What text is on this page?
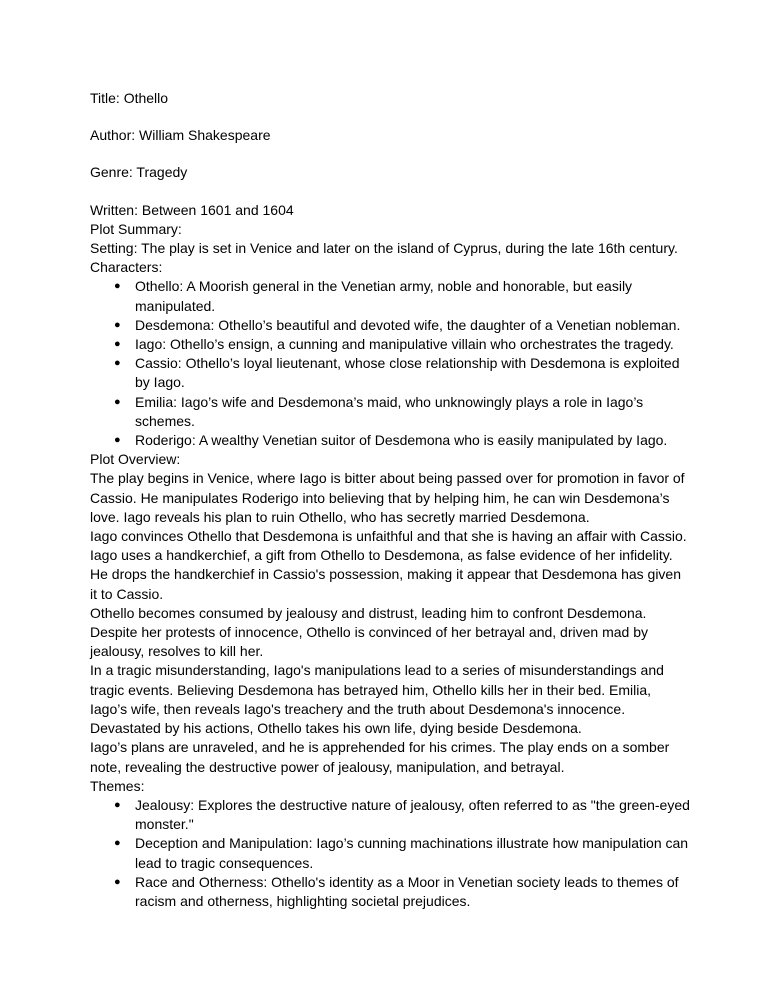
Title: Othello

Author: William Shakespeare

Genre: Tragedy

Written: Between 1601 and 1604

Plot Summary:

Setting: The play is set in Venice and later on the island of Cyprus, during the late 16th century.

Characters:

● Othello: A Moorish general in the Venetian army, noble and honorable, but easily manipulated.
● Desdemona: Othello’s beautiful and devoted wife, the daughter of a Venetian nobleman.
● Iago: Othello’s ensign, a cunning and manipulative villain who orchestrates the tragedy.
● Cassio: Othello’s loyal lieutenant, whose close relationship with Desdemona is exploited by Iago.
● Emilia: Iago’s wife and Desdemona’s maid, who unknowingly plays a role in Iago’s schemes.
● Roderigo: A wealthy Venetian suitor of Desdemona who is easily manipulated by Iago.

Plot Overview:

The play begins in Venice, where Iago is bitter about being passed over for promotion in favor of Cassio. He manipulates Roderigo into believing that by helping him, he can win Desdemona’s love. Iago reveals his plan to ruin Othello, who has secretly married Desdemona.

Iago convinces Othello that Desdemona is unfaithful and that she is having an affair with Cassio. Iago uses a handkerchief, a gift from Othello to Desdemona, as false evidence of her infidelity. He drops the handkerchief in Cassio's possession, making it appear that Desdemona has given it to Cassio.

Othello becomes consumed by jealousy and distrust, leading him to confront Desdemona. Despite her protests of innocence, Othello is convinced of her betrayal and, driven mad by jealousy, resolves to kill her.

In a tragic misunderstanding, Iago's manipulations lead to a series of misunderstandings and tragic events. Believing Desdemona has betrayed him, Othello kills her in their bed. Emilia, Iago’s wife, then reveals Iago's treachery and the truth about Desdemona's innocence. Devastated by his actions, Othello takes his own life, dying beside Desdemona.

Iago’s plans are unraveled, and he is apprehended for his crimes. The play ends on a somber note, revealing the destructive power of jealousy, manipulation, and betrayal.

Themes:

● Jealousy: Explores the destructive nature of jealousy, often referred to as "the green-eyed monster."
● Deception and Manipulation: Iago’s cunning machinations illustrate how manipulation can lead to tragic consequences.
● Race and Otherness: Othello's identity as a Moor in Venetian society leads to themes of racism and otherness, highlighting societal prejudices.
